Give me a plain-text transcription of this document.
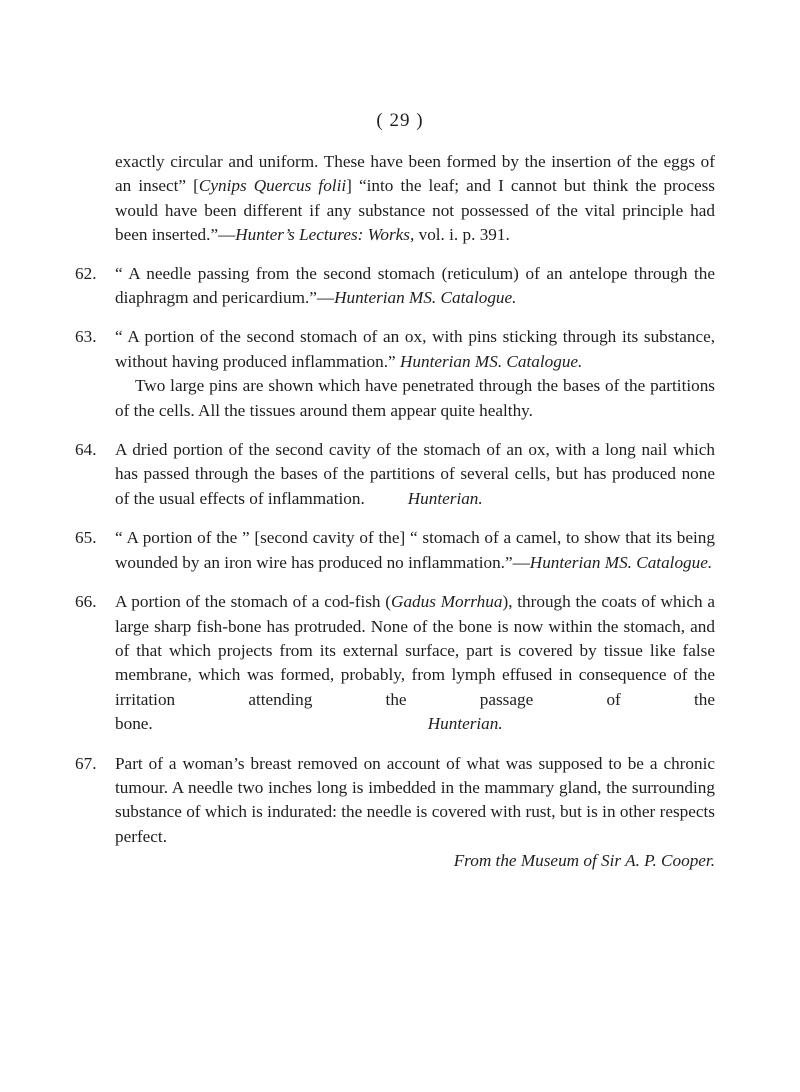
( 29 )

exactly circular and uniform. These have been formed by the insertion of the eggs of an insect” [Cynips Quercus folii] “into the leaf; and I cannot but think the process would have been different if any substance not possessed of the vital principle had been inserted.”—Hunter’s Lectures: Works, vol. i. p. 391.

62. “ A needle passing from the second stomach (reticulum) of an antelope through the diaphragm and pericardium.”—Hunterian MS. Catalogue.

63. “ A portion of the second stomach of an ox, with pins sticking through its substance, without having produced inflammation.” Hunterian MS. Catalogue.
Two large pins are shown which have penetrated through the bases of the partitions of the cells. All the tissues around them appear quite healthy.

64. A dried portion of the second cavity of the stomach of an ox, with a long nail which has passed through the bases of the partitions of several cells, but has produced none of the usual effects of inflammation. Hunterian.

65. “ A portion of the ” [second cavity of the] “ stomach of a camel, to show that its being wounded by an iron wire has produced no inflammation.”—Hunterian MS. Catalogue.

66. A portion of the stomach of a cod-fish (Gadus Morrhua), through the coats of which a large sharp fish-bone has protruded. None of the bone is now within the stomach, and of that which projects from its external surface, part is covered by tissue like false membrane, which was formed, probably, from lymph effused in consequence of the irritation attending the passage of the bone.	Hunterian.

67. Part of a woman’s breast removed on account of what was supposed to be a chronic tumour. A needle two inches long is imbedded in the mammary gland, the surrounding substance of which is indurated: the needle is covered with rust, but is in other respects perfect.
From the Museum of Sir A. P. Cooper.
